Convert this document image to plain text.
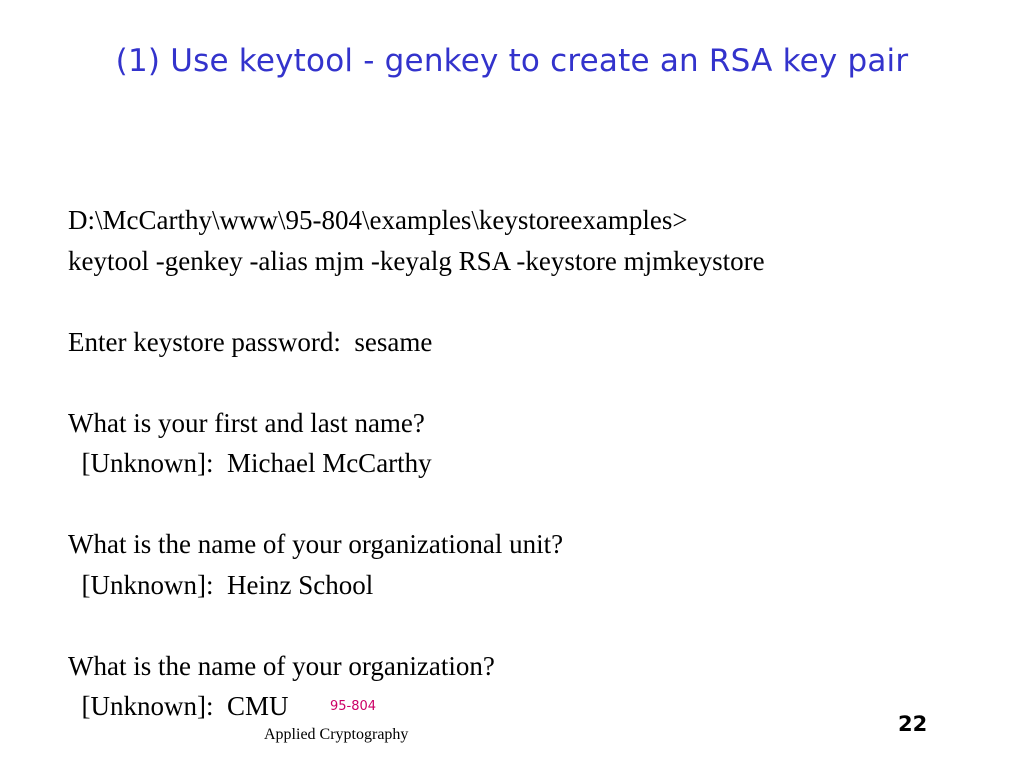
(1) Use keytool - genkey to create an RSA key pair
D:\McCarthy\www\95-804\examples\keystoreexamples>
keytool -genkey -alias mjm -keyalg RSA -keystore mjmkeystore
Enter keystore password:  sesame
What is your first and last name?
[Unknown]:  Michael McCarthy
What is the name of your organizational unit?
[Unknown]:  Heinz School
What is the name of your organization?
[Unknown]:  CMU	95-804
Applied Cryptography	22
